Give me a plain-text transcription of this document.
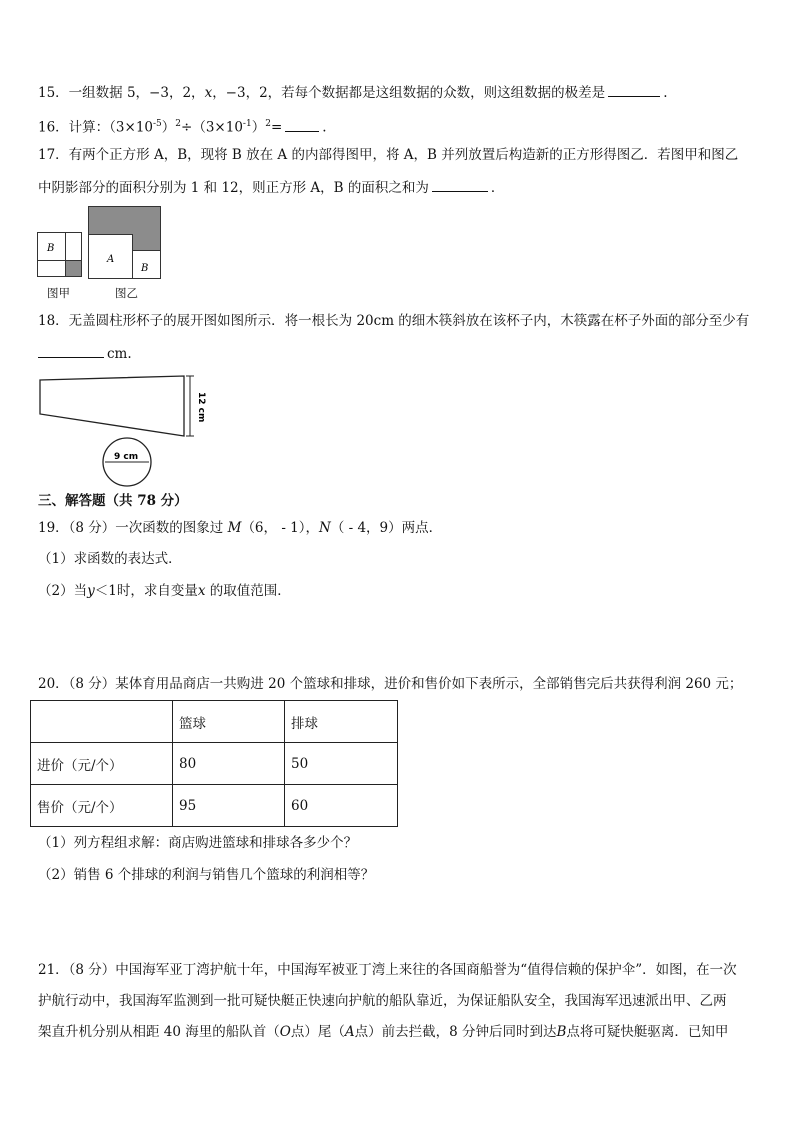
15．一组数据 5，−3，2，x，−3，2，若每个数据都是这组数据的众数，则这组数据的极差是	.
16．计算：$(3\times 10^{-5})^2\div(3\times 10^{-1})^2=$	.
17．有两个正方形 A，B，现将 B 放在 A 的内部得图甲，将 A，B 并列放置后构造新的正方形得图乙．若图甲和图乙
中阴影部分的面积分别为 1 和 12，则正方形 A，B 的面积之和为	．
B
图甲
A
B
图乙
18．无盖圆柱形杯子的展开图如图所示．将一根长为 20cm 的细木筷斜放在该杯子内，木筷露在杯子外面的部分至少有
cm.
12 cm
9 cm
三、解答题（共 78 分）
19．（8 分）一次函数的图象过 M（6， - 1），N（ - 4，9）两点．
（1）求函数的表达式．
（2）当y＜1时，求自变量x 的取值范围．
20．（8 分）某体育用品商店一共购进 20 个篮球和排球，进价和售价如下表所示，全部销售完后共获得利润 260 元；
	篮球	排球
进价（元/个）	80	50
售价（元/个）	95	60
（1）列方程组求解：商店购进篮球和排球各多少个？
（2）销售 6 个排球的利润与销售几个篮球的利润相等？
21．（8 分）中国海军亚丁湾护航十年，中国海军被亚丁湾上来往的各国商船誉为“值得信赖的保护伞”．如图，在一次
护航行动中，我国海军监测到一批可疑快艇正快速向护航的船队靠近，为保证船队安全，我国海军迅速派出甲、乙两
架直升机分别从相距 40 海里的船队首（O点）尾（A点）前去拦截，8 分钟后同时到达B点将可疑快艇驱离．已知甲
